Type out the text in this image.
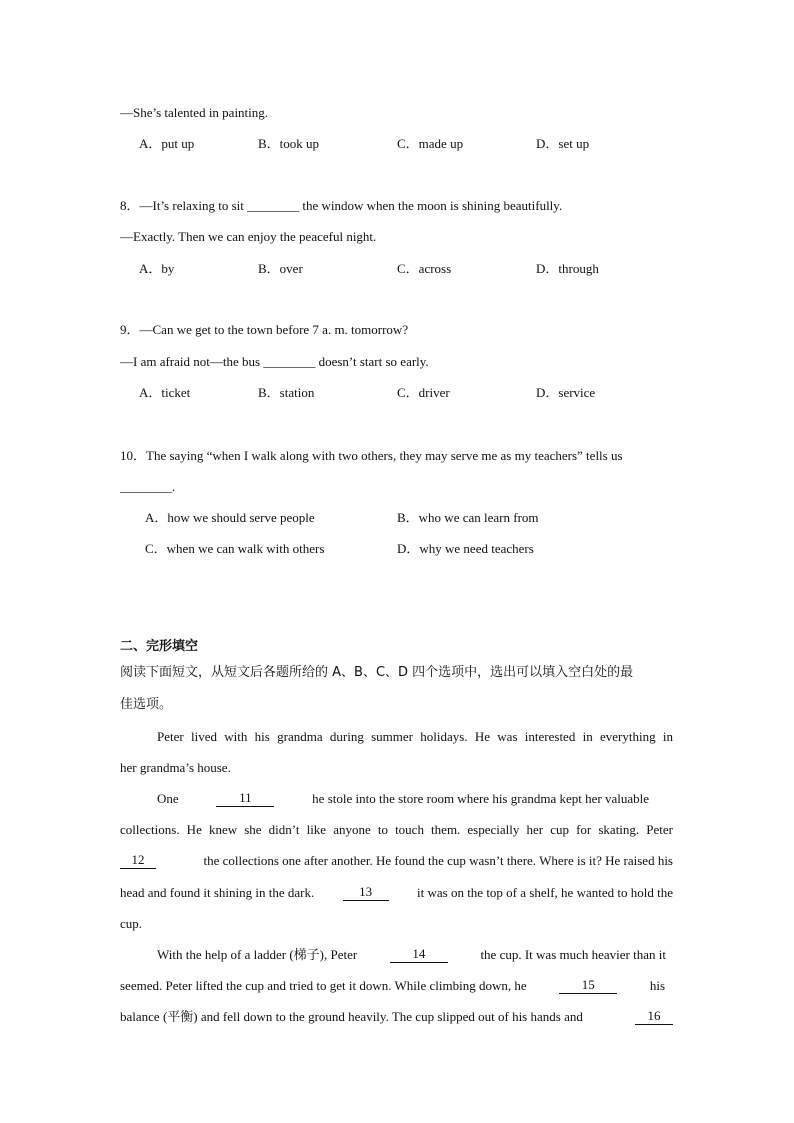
—She’s talented in painting.
A．put up	B．took up	C．made up	D．set up
8．—It’s relaxing to sit ________ the window when the moon is shining beautifully.
—Exactly. Then we can enjoy the peaceful night.
A．by	B．over	C．across	D．through
9．—Can we get to the town before 7 a. m. tomorrow?
—I am afraid not—the bus ________ doesn’t start so early.
A．ticket	B．station	C．driver	D．service
10．The saying “when I walk along with two others, they may serve me as my teachers” tells us
________.
A．how we should serve people	B．who we can learn from
C．when we can walk with others	D．why we need teachers
二、完形填空
阅读下面短文，从短文后各题所给的 A、B、C、D 四个选项中，选出可以填入空白处的最
佳选项。
Peter lived with his grandma during summer holidays. He was interested in everything in
her grandma’s house.
One	11	he stole into the store room where his grandma kept her valuable
collections. He knew she didn’t like anyone to touch them. especially her cup for skating. Peter
12	the collections one after another. He found the cup wasn’t there. Where is it? He raised his
head and found it shining in the dark.	13	it was on the top of a shelf, he wanted to hold the
cup.
With the help of a ladder (梯子), Peter	14	the cup. It was much heavier than it
seemed. Peter lifted the cup and tried to get it down. While climbing down, he	15	his
balance (平衡) and fell down to the ground heavily. The cup slipped out of his hands and	16
